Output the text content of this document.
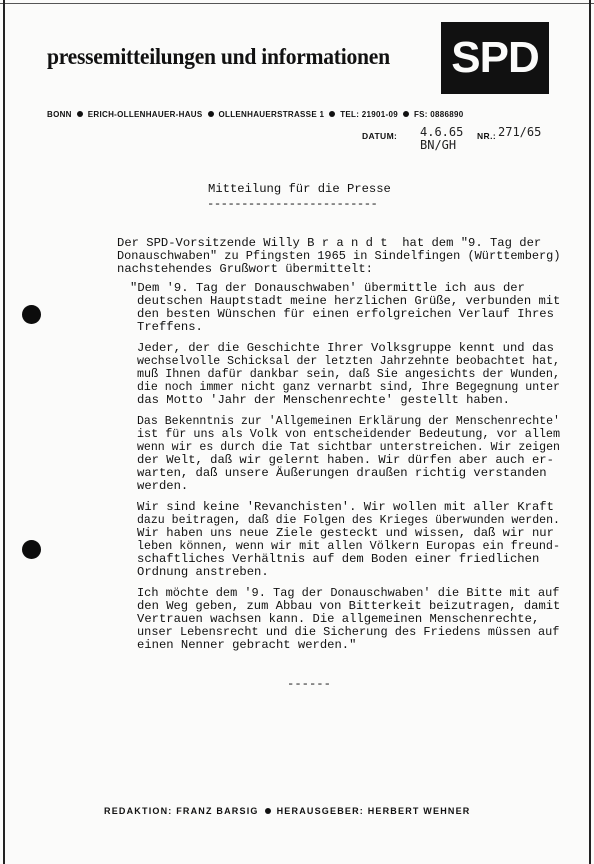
pressemitteilungen und informationen SPD
BONN ERICH-OLLENHAUER-HAUS OLLENHAUERSTRASSE 1 TEL: 21901-09 FS: 0886890
DATUM: 4.6.65
BN/GH
NR.: 271/65
Mitteilung für die Presse
-------------------------
Der SPD-Vorsitzende Willy B r a n d t  hat dem "9. Tag der
Donauschwaben" zu Pfingsten 1965 in Sindelfingen (Württemberg)
nachstehendes Grußwort übermittelt:
"Dem '9. Tag der Donauschwaben' übermittle ich aus der
deutschen Hauptstadt meine herzlichen Grüße, verbunden mit
den besten Wünschen für einen erfolgreichen Verlauf Ihres
Treffens.
Jeder, der die Geschichte Ihrer Volksgruppe kennt und das
wechselvolle Schicksal der letzten Jahrzehnte beobachtet hat,
muß Ihnen dafür dankbar sein, daß Sie angesichts der Wunden,
die noch immer nicht ganz vernarbt sind, Ihre Begegnung unter
das Motto 'Jahr der Menschenrechte' gestellt haben.
Das Bekenntnis zur 'Allgemeinen Erklärung der Menschenrechte'
ist für uns als Volk von entscheidender Bedeutung, vor allem
wenn wir es durch die Tat sichtbar unterstreichen. Wir zeigen
der Welt, daß wir gelernt haben. Wir dürfen aber auch er-
warten, daß unsere Äußerungen draußen richtig verstanden
werden.
Wir sind keine 'Revanchisten'. Wir wollen mit aller Kraft
dazu beitragen, daß die Folgen des Krieges überwunden werden.
Wir haben uns neue Ziele gesteckt und wissen, daß wir nur
leben können, wenn wir mit allen Völkern Europas ein freund-
schaftliches Verhältnis auf dem Boden einer friedlichen
Ordnung anstreben.
Ich möchte dem '9. Tag der Donauschwaben' die Bitte mit auf
den Weg geben, zum Abbau von Bitterkeit beizutragen, damit
Vertrauen wachsen kann. Die allgemeinen Menschenrechte,
unser Lebensrecht und die Sicherung des Friedens müssen auf
einen Nenner gebracht werden."
------
REDAKTION: FRANZ BARSIG HERAUSGEBER: HERBERT WEHNER
